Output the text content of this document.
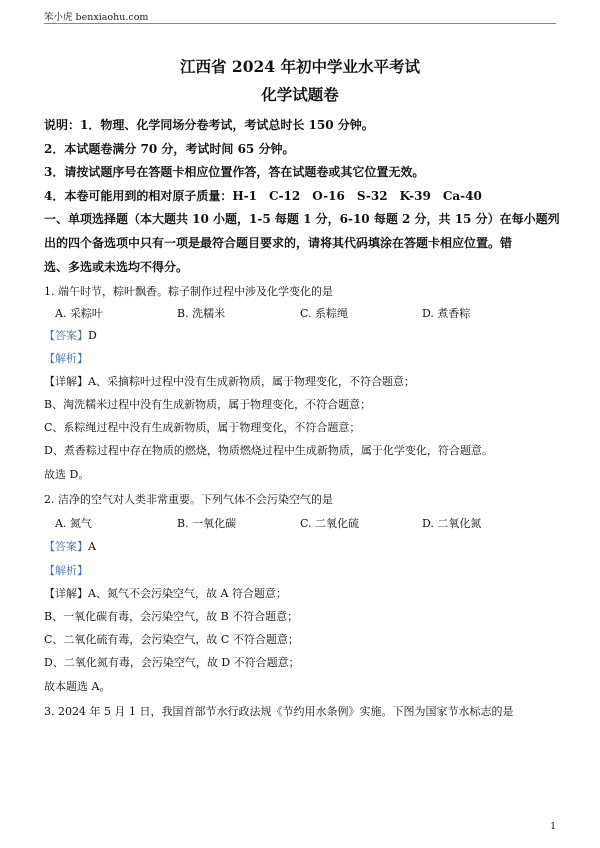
笨小虎 benxiaohu.com
江西省 2024 年初中学业水平考试
化学试题卷
说明：1．物理、化学同场分卷考试，考试总时长 150 分钟。
2．本试题卷满分 70 分，考试时间 65 分钟。
3．请按试题序号在答题卡相应位置作答，答在试题卷或其它位置无效。
4．本卷可能用到的相对原子质量：H-1　C-12　O-16　S-32　K-39　Ca-40
一、单项选择题（本大题共 10 小题，1-5 每题 1 分，6-10 每题 2 分，共 15 分）在每小题列
出的四个备选项中只有一项是最符合题目要求的，请将其代码填涂在答题卡相应位置。错
选、多选或未选均不得分。
1. 端午时节，粽叶飘香。粽子制作过程中涉及化学变化的是
A. 采粽叶	B. 洗糯米	C. 系粽绳	D. 煮香粽
【答案】D
【解析】
【详解】A、采摘粽叶过程中没有生成新物质，属于物理变化，不符合题意；
B、淘洗糯米过程中没有生成新物质，属于物理变化，不符合题意；
C、系粽绳过程中没有生成新物质，属于物理变化，不符合题意；
D、煮香粽过程中存在物质的燃烧，物质燃烧过程中生成新物质，属于化学变化，符合题意。
故选 D。
2. 洁净的空气对人类非常重要。下列气体不会污染空气的是
A. 氮气	B. 一氧化碳	C. 二氧化硫	D. 二氧化氮
【答案】A
【解析】
【详解】A、氮气不会污染空气，故 A 符合题意；
B、一氧化碳有毒，会污染空气，故 B 不符合题意；
C、二氧化硫有毒，会污染空气，故 C 不符合题意；
D、二氧化氮有毒，会污染空气，故 D 不符合题意；
故本题选 A。
3. 2024 年 5 月 1 日，我国首部节水行政法规《节约用水条例》实施。下图为国家节水标志的是
1
